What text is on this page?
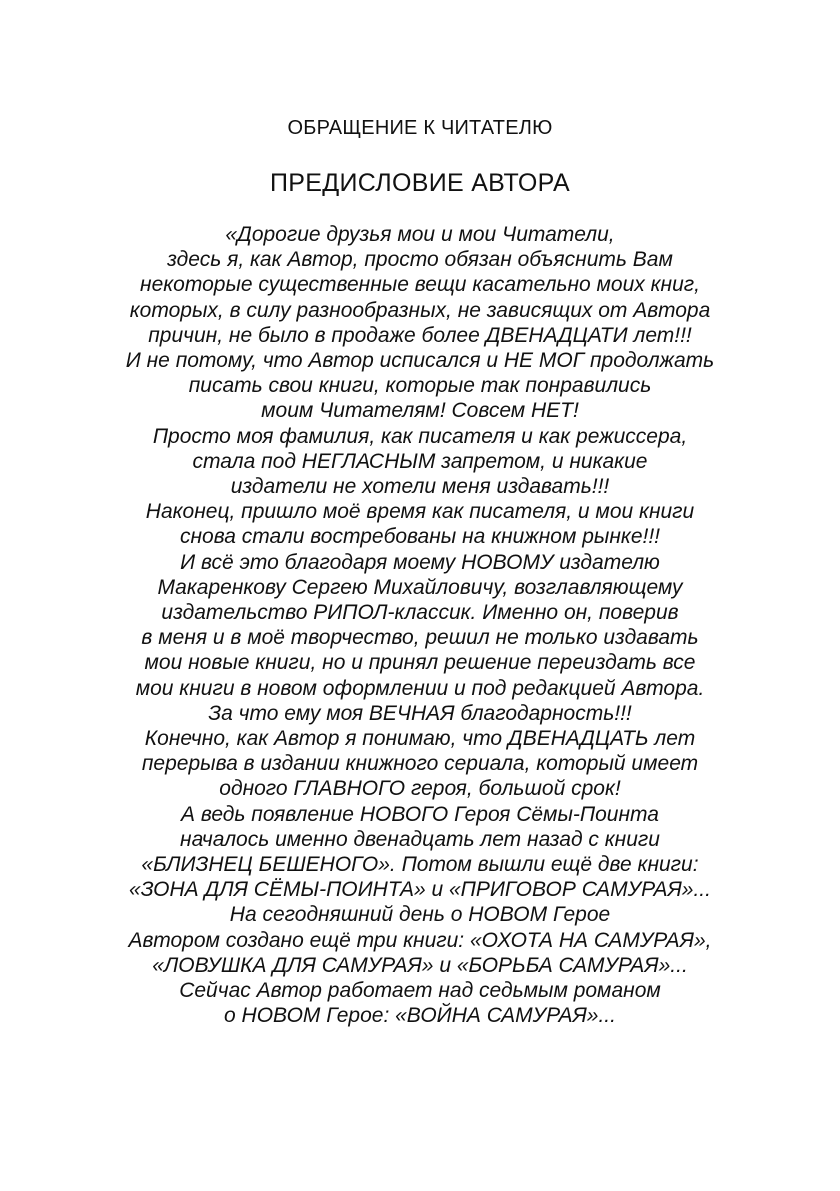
ОБРАЩЕНИЕ К ЧИТАТЕЛЮ
ПРЕДИСЛОВИЕ АВТОРА
«Дорогие друзья мои и мои Читатели,
здесь я, как Автор, просто обязан объяснить Вам
некоторые существенные вещи касательно моих книг,
которых, в силу разнообразных, не зависящих от Автора
причин, не было в продаже более ДВЕНАДЦАТИ лет!!!
И не потому, что Автор исписался и НЕ МОГ продолжать
писать свои книги, которые так понравились
моим Читателям! Совсем НЕТ!
Просто моя фамилия, как писателя и как режиссера,
стала под НЕГЛАСНЫМ запретом, и никакие
издатели не хотели меня издавать!!!
Наконец, пришло моё время как писателя, и мои книги
снова стали востребованы на книжном рынке!!!
И всё это благодаря моему НОВОМУ издателю
Макаренкову Сергею Михайловичу, возглавляющему
издательство РИПОЛ-классик. Именно он, поверив
в меня и в моё творчество, решил не только издавать
мои новые книги, но и принял решение переиздать все
мои книги в новом оформлении и под редакцией Автора.
За что ему моя ВЕЧНАЯ благодарность!!!
Конечно, как Автор я понимаю, что ДВЕНАДЦАТЬ лет
перерыва в издании книжного сериала, который имеет
одного ГЛАВНОГО героя, большой срок!
А ведь появление НОВОГО Героя Сёмы-Поинта
началось именно двенадцать лет назад с книги
«БЛИЗНЕЦ БЕШЕНОГО». Потом вышли ещё две книги:
«ЗОНА ДЛЯ СЁМЫ-ПОИНТА» и «ПРИГОВОР САМУРАЯ»...
На сегодняшний день о НОВОМ Герое
Автором создано ещё три книги: «ОХОТА НА САМУРАЯ»,
«ЛОВУШКА ДЛЯ САМУРАЯ» и «БОРЬБА САМУРАЯ»...
Сейчас Автор работает над седьмым романом
о НОВОМ Герое: «ВОЙНА САМУРАЯ»...
